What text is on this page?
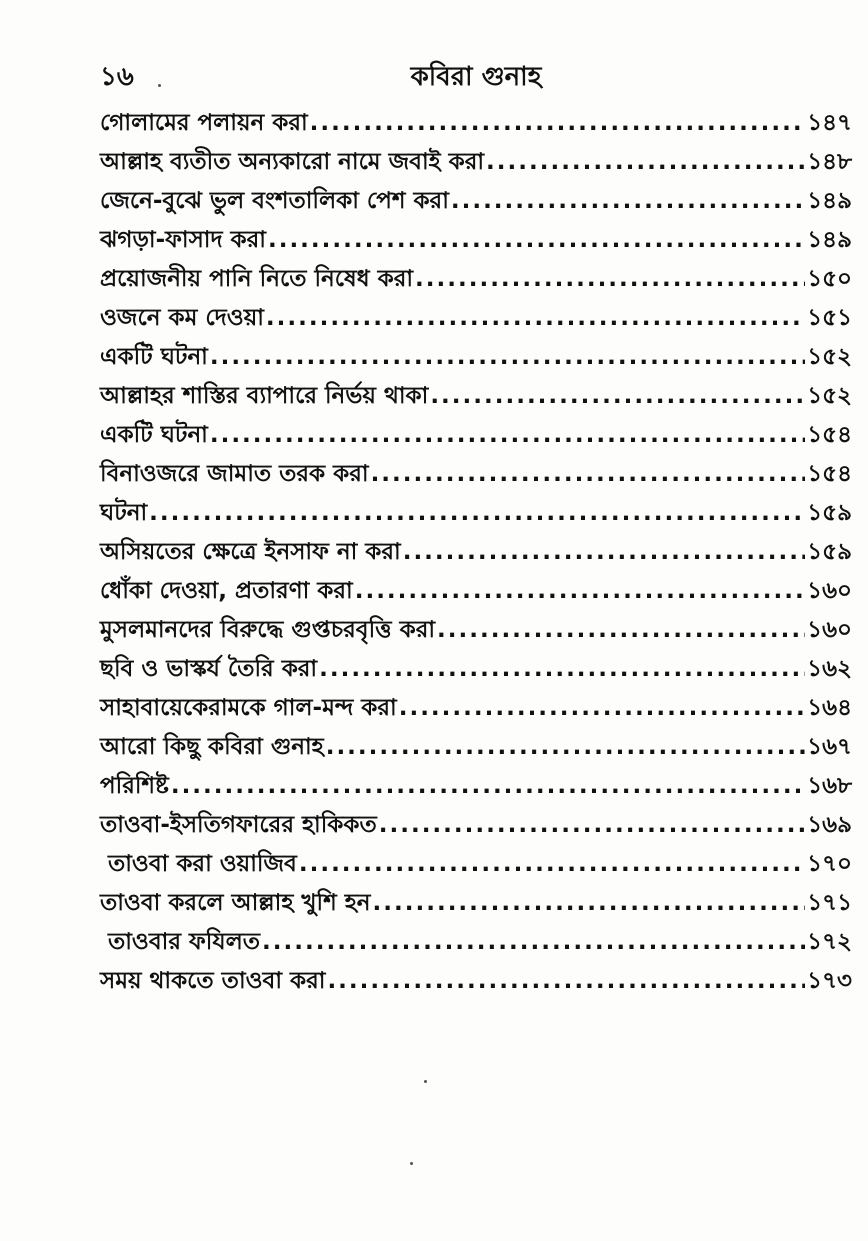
১৬	কবিরা গুনাহ
গোলামের পলায়ন করা .....	১৪৭
আল্লাহ ব্যতীত অন্যকারো নামে জবাই করা .....	১৪৮
জেনে-বুঝে ভুল বংশতালিকা পেশ করা .....	১৪৯
ঝগড়া-ফাসাদ করা .....	১৪৯
প্রয়োজনীয় পানি নিতে নিষেধ করা .....	১৫০
ওজনে কম দেওয়া .....	১৫১
একটি ঘটনা .....	১৫২
আল্লাহর শাস্তির ব্যাপারে নির্ভয় থাকা .....	১৫২
একটি ঘটনা .....	১৫৪
বিনাওজরে জামাত তরক করা .....	১৫৪
ঘটনা .....	১৫৯
অসিয়তের ক্ষেত্রে ইনসাফ না করা .....	১৫৯
ধোঁকা দেওয়া, প্রতারণা করা .....	১৬০
মুসলমানদের বিরুদ্ধে গুপ্তচরবৃত্তি করা .....	১৬০
ছবি ও ভাস্কর্য তৈরি করা .....	১৬২
সাহাবায়েকেরামকে গাল-মন্দ করা .....	১৬৪
আরো কিছু কবিরা গুনাহ .....	১৬৭
পরিশিষ্ট .....	১৬৮
তাওবা-ইসতিগফারের হাকিকত .....	১৬৯
তাওবা করা ওয়াজিব .....	১৭০
তাওবা করলে আল্লাহ খুশি হন .....	১৭১
তাওবার ফযিলত .....	১৭২
সময় থাকতে তাওবা করা .....	১৭৩
